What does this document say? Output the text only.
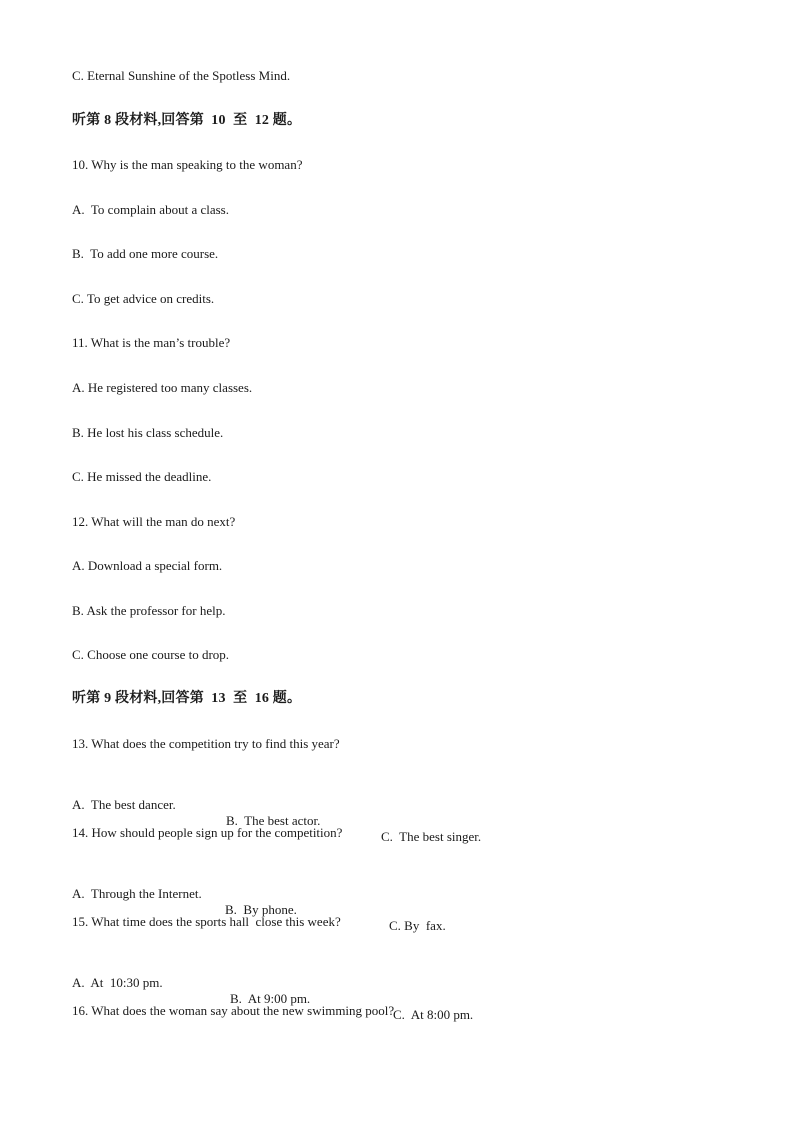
C. Eternal Sunshine of the Spotless Mind.
听第 8 段材料,回答第  10  至  12 题。
10. Why is the man speaking to the woman?
A.  To complain about a class.
B.  To add one more course.
C. To get advice on credits.
11. What is the man’s trouble?
A. He registered too many classes.
B. He lost his class schedule.
C. He missed the deadline.
12. What will the man do next?
A. Download a special form.
B. Ask the professor for help.
C. Choose one course to drop.
听第 9 段材料,回答第  13  至  16 题。
13. What does the competition try to find this year?

A.  The best dancer.

B.  The best actor.

C.  The best singer.

14. How should people sign up for the competition?

A.  Through the Internet.

B.  By phone.

C. By  fax.

15. What time does the sports hall  close this week?

A.  At  10:30 pm.

B.  At 9:00 pm.

C.  At 8:00 pm.

16. What does the woman say about the new swimming pool?
